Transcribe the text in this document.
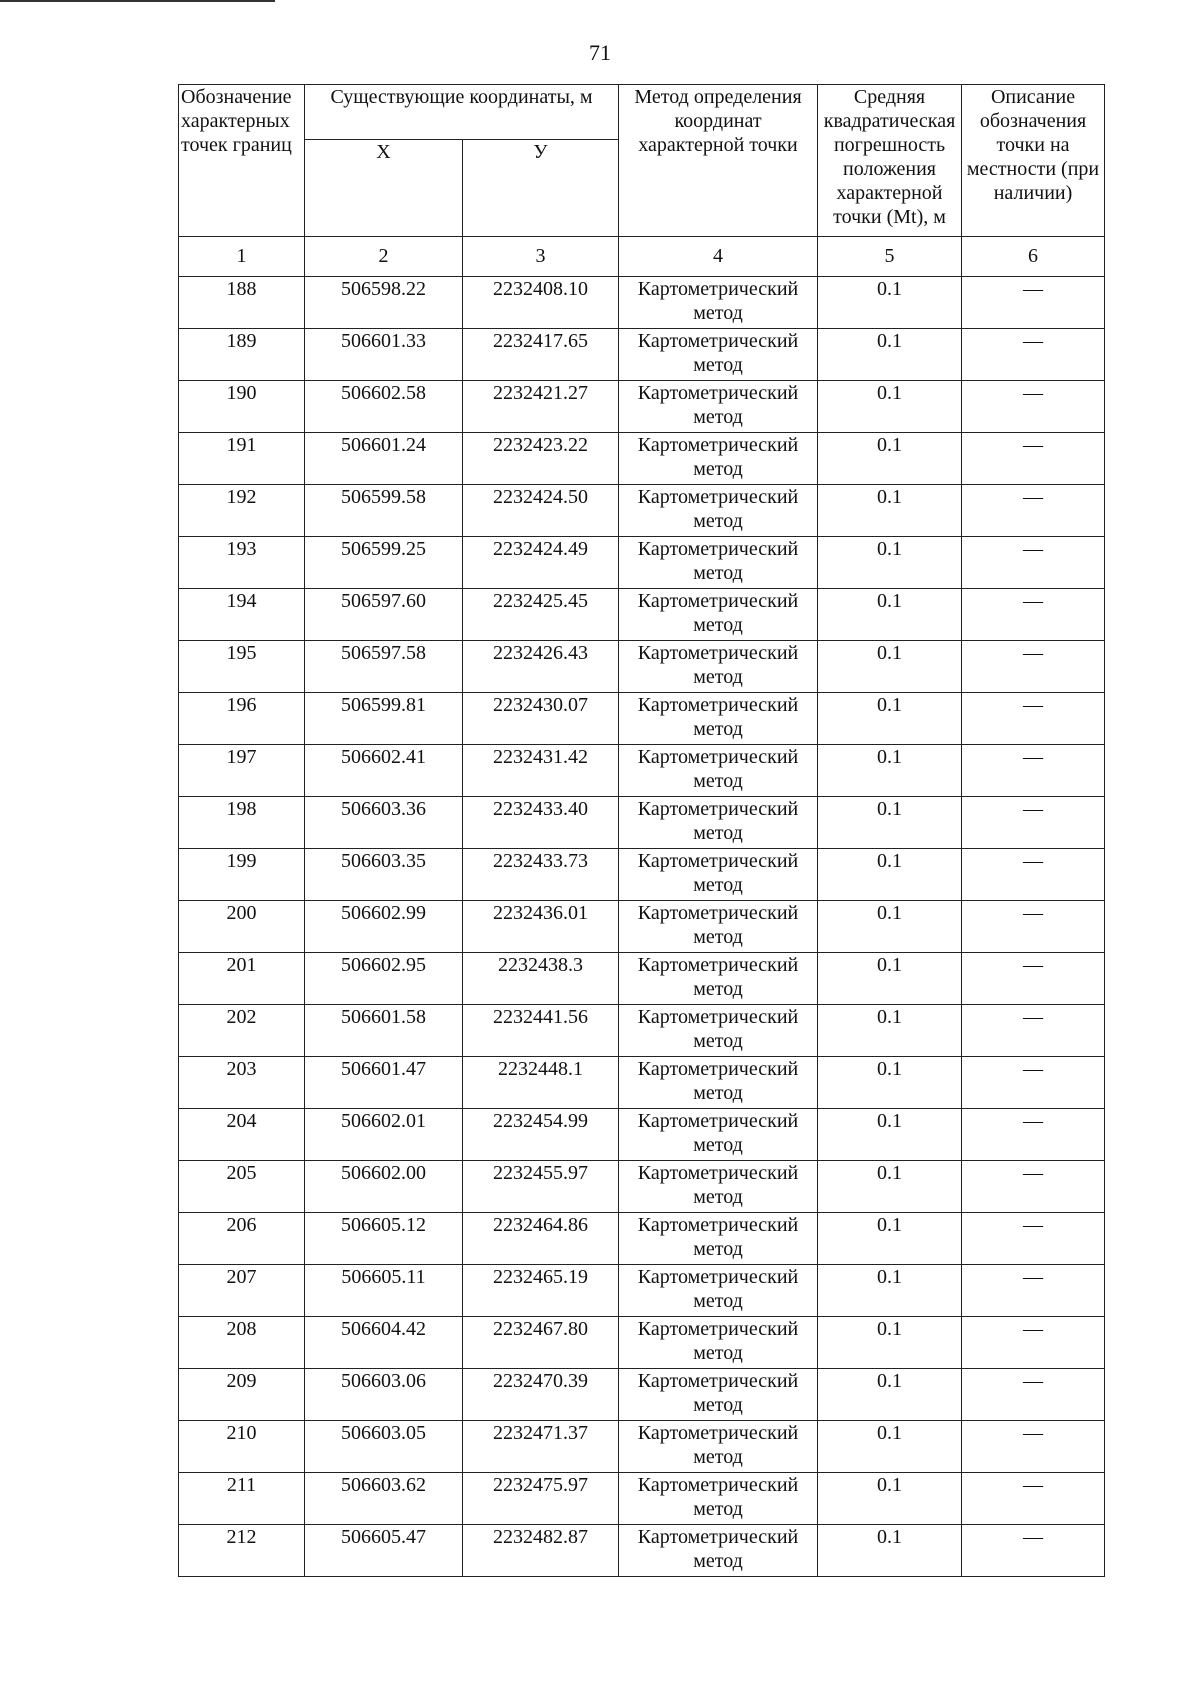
71
Обозначение характерных точек границ	Существующие координаты, м		Метод определения координат характерной точки	Средняя квадратическая погрешность положения характерной точки (Mt), м	Описание обозначения точки на местности (при наличии)
	Х	У			
1	2	3	4	5	6
188	506598.22	2232408.10	Картометрический метод	0.1	—
189	506601.33	2232417.65	Картометрический метод	0.1	—
190	506602.58	2232421.27	Картометрический метод	0.1	—
191	506601.24	2232423.22	Картометрический метод	0.1	—
192	506599.58	2232424.50	Картометрический метод	0.1	—
193	506599.25	2232424.49	Картометрический метод	0.1	—
194	506597.60	2232425.45	Картометрический метод	0.1	—
195	506597.58	2232426.43	Картометрический метод	0.1	—
196	506599.81	2232430.07	Картометрический метод	0.1	—
197	506602.41	2232431.42	Картометрический метод	0.1	—
198	506603.36	2232433.40	Картометрический метод	0.1	—
199	506603.35	2232433.73	Картометрический метод	0.1	—
200	506602.99	2232436.01	Картометрический метод	0.1	—
201	506602.95	2232438.3	Картометрический метод	0.1	—
202	506601.58	2232441.56	Картометрический метод	0.1	—
203	506601.47	2232448.1	Картометрический метод	0.1	—
204	506602.01	2232454.99	Картометрический метод	0.1	—
205	506602.00	2232455.97	Картометрический метод	0.1	—
206	506605.12	2232464.86	Картометрический метод	0.1	—
207	506605.11	2232465.19	Картометрический метод	0.1	—
208	506604.42	2232467.80	Картометрический метод	0.1	—
209	506603.06	2232470.39	Картометрический метод	0.1	—
210	506603.05	2232471.37	Картометрический метод	0.1	—
211	506603.62	2232475.97	Картометрический метод	0.1	—
212	506605.47	2232482.87	Картометрический метод	0.1	—
